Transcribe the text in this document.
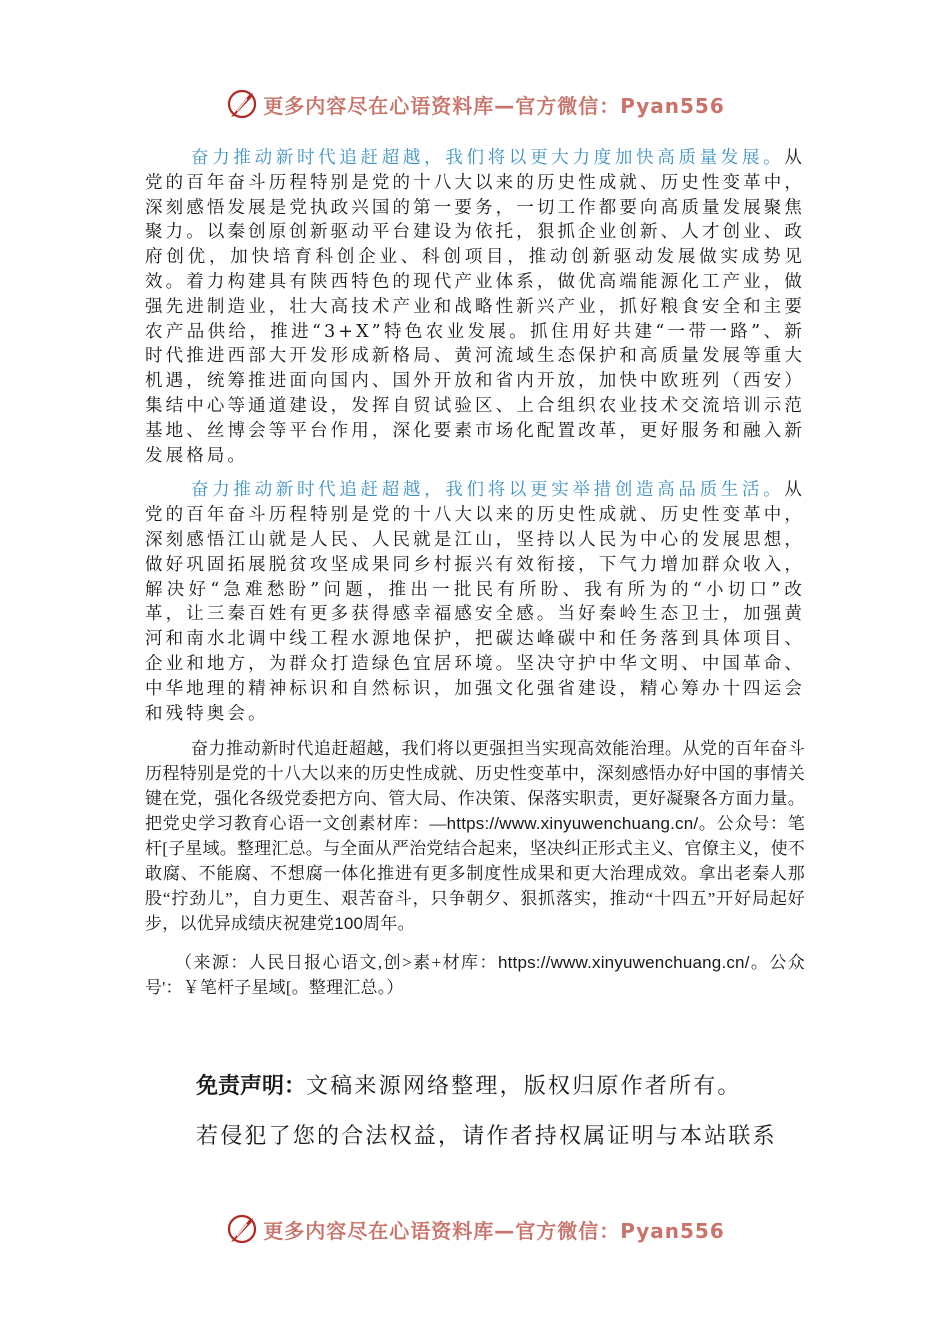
更多内容尽在心语资料库—官方微信：Pyan556

奋力推动新时代追赶超越，我们将以更大力度加快高质量发展。从党的百年奋斗历程特别是党的十八大以来的历史性成就、历史性变革中，深刻感悟发展是党执政兴国的第一要务，一切工作都要向高质量发展聚焦聚力。以秦创原创新驱动平台建设为依托，狠抓企业创新、人才创业、政府创优，加快培育科创企业、科创项目，推动创新驱动发展做实成势见效。着力构建具有陕西特色的现代产业体系，做优高端能源化工产业，做强先进制造业，壮大高技术产业和战略性新兴产业，抓好粮食安全和主要农产品供给，推进“3+X”特色农业发展。抓住用好共建“一带一路”、新时代推进西部大开发形成新格局、黄河流域生态保护和高质量发展等重大机遇，统筹推进面向国内、国外开放和省内开放，加快中欧班列（西安）集结中心等通道建设，发挥自贸试验区、上合组织农业技术交流培训示范基地、丝博会等平台作用，深化要素市场化配置改革，更好服务和融入新发展格局。

奋力推动新时代追赶超越，我们将以更实举措创造高品质生活。从党的百年奋斗历程特别是党的十八大以来的历史性成就、历史性变革中，深刻感悟江山就是人民、人民就是江山，坚持以人民为中心的发展思想，做好巩固拓展脱贫攻坚成果同乡村振兴有效衔接，下气力增加群众收入，解决好“急难愁盼”问题，推出一批民有所盼、我有所为的“小切口”改革，让三秦百姓有更多获得感幸福感安全感。当好秦岭生态卫士，加强黄河和南水北调中线工程水源地保护，把碳达峰碳中和任务落到具体项目、企业和地方，为群众打造绿色宜居环境。坚决守护中华文明、中国革命、中华地理的精神标识和自然标识，加强文化强省建设，精心筹办十四运会和残特奥会。

奋力推动新时代追赶超越，我们将以更强担当实现高效能治理。从党的百年奋斗历程特别是党的十八大以来的历史性成就、历史性变革中，深刻感悟办好中国的事情关键在党，强化各级党委把方向、管大局、作决策、保落实职责，更好凝聚各方面力量。把党史学习教育心语一文创素材库：—https://www.xinyuwenchuang.cn/。公众号：笔杆[子星域。整理汇总。与全面从严治党结合起来，坚决纠正形式主义、官僚主义，使不敢腐、不能腐、不想腐一体化推进有更多制度性成果和更大治理成效。拿出老秦人那股“拧劲儿”，自力更生、艰苦奋斗，只争朝夕、狠抓落实，推动“十四五”开好局起好步，以优异成绩庆祝建党100周年。

（来源：人民日报心语文,创>素+材库：https://www.xinyuwenchuang.cn/。公众号'：￥笔杆子星域[。整理汇总。）

免责声明：文稿来源网络整理，版权归原作者所有。
若侵犯了您的合法权益，请作者持权属证明与本站联系
更多内容尽在心语资料库—官方微信：Pyan556
